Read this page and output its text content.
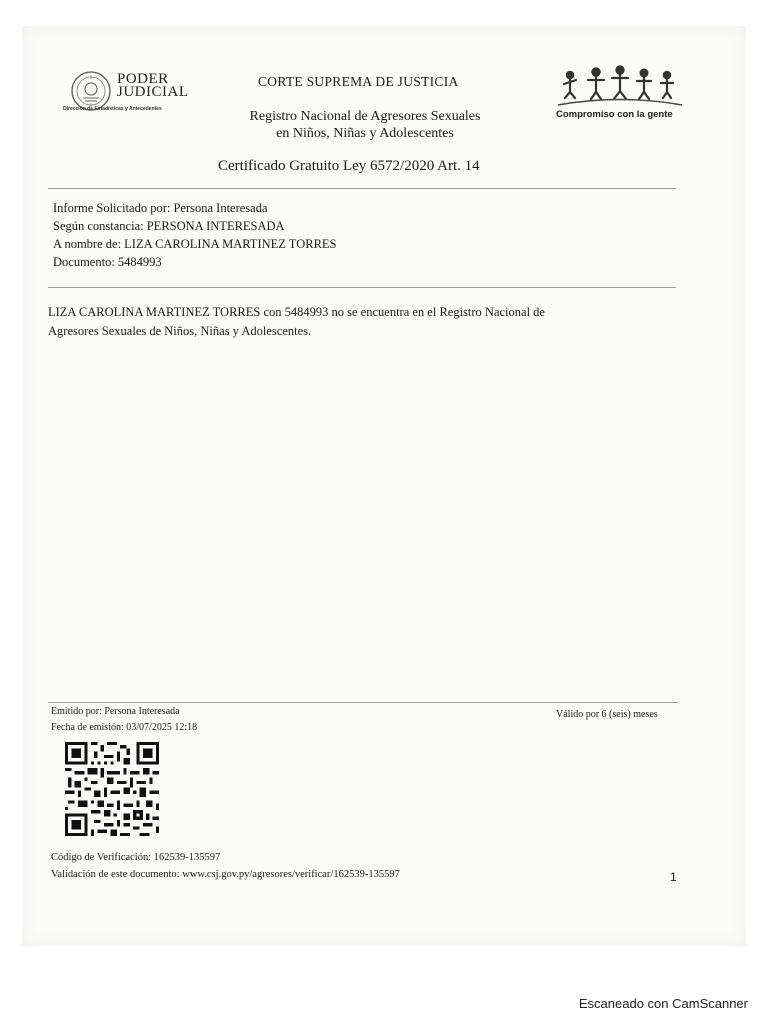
PODER
JUDICIAL
Dirección de Estadísticas y Antecedentes
CORTE SUPREMA DE JUSTICIA
Registro Nacional de Agresores Sexuales
en Niños, Niñas y Adolescentes
Certificado Gratuito Ley 6572/2020 Art. 14
Compromiso con la gente
Informe Solicitado por: Persona Interesada
Según constancia: PERSONA INTERESADA
A nombre de: LIZA CAROLINA MARTINEZ TORRES
Documento: 5484993
LIZA CAROLINA MARTINEZ TORRES con 5484993 no se encuentra en el Registro Nacional de
Agresores Sexuales de Niños, Niñas y Adolescentes.
Emitido por: Persona Interesada
Fecha de emisión: 03/07/2025 12:18
Válido por 6 (seis) meses
Código de Verificación: 162539-135597
Validación de este documento: www.csj.gov.py/agresores/verificar/162539-135597	1
Escaneado con CamScanner
